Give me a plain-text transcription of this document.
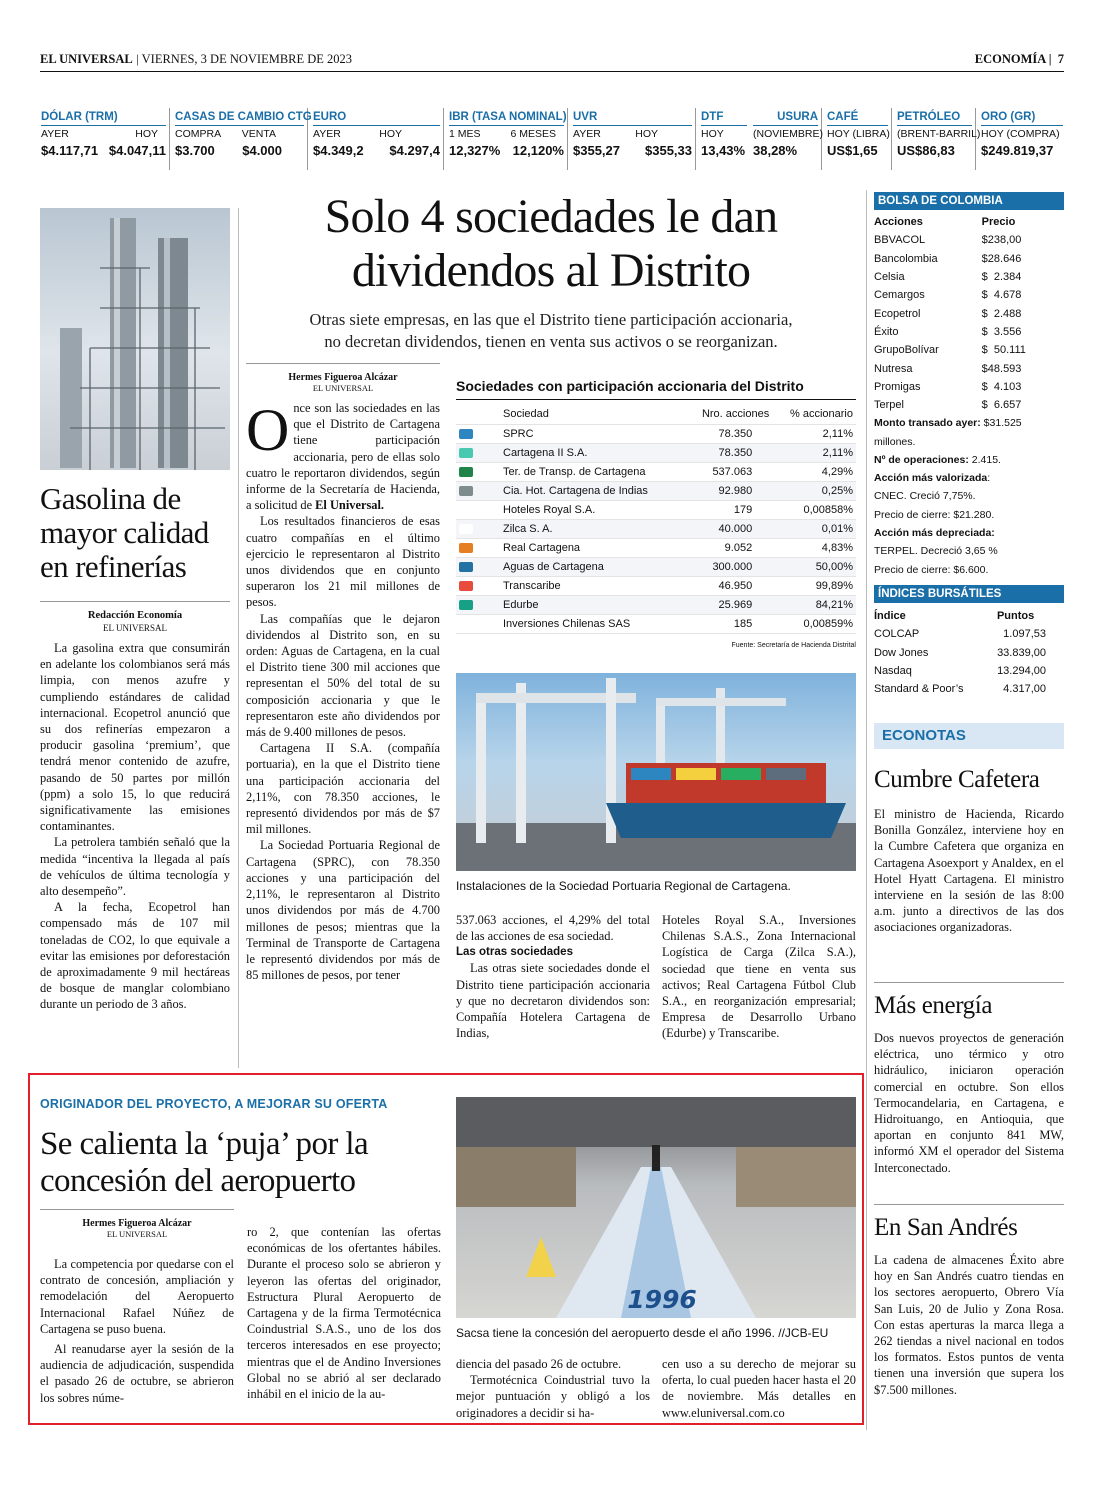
EL UNIVERSAL | VIERNES, 3 DE NOVIEMBRE DE 2023	ECONOMÍA |  7
DÓLAR (TRM)
AYER	HOY
$4.117,71 $4.047,11
CASAS DE CAMBIO CTG
COMPRA VENTA
$3.700 $4.000
EURO
AYER	HOY
$4.349,2 $4.297,4
IBR (TASA NOMINAL)
1 MES	6 MESES
12,327% 12,120%
UVR
AYER	HOY
$355,27 $355,33
DTF
HOY
13,43%
USURA
(NOVIEMBRE)
38,28%
CAFÉ
HOY (LIBRA)
US$1,65
PETRÓLEO
(BRENT-BARRIL)
US$86,83
ORO (GR)
HOY (COMPRA)
$249.819,37
Gasolina de
mayor calidad
en refinerías
Redacción Economía
EL UNIVERSAL

La gasolina extra que consumirán en adelante los colombianos será más limpia, con menos azufre y cumpliendo estándares de calidad internacional. Ecopetrol anunció que su dos refinerías empezaron a producir gasolina ‘premium’, que tendrá menor contenido de azufre, pasando de 50 partes por millón (ppm) a solo 15, lo que reducirá significativamente las emisiones contaminantes.

La petrolera también señaló que la medida “incentiva la llegada al país de vehículos de última tecnología y alto desempeño”.

A la fecha, Ecopetrol han compensado más de 107 mil toneladas de CO2, lo que equivale a evitar las emisiones por deforestación de aproximadamente 9 mil hectáreas de bosque de manglar colombiano durante un periodo de 3 años.

Solo 4 sociedades le dan
dividendos al Distrito
Otras siete empresas, en las que el Distrito tiene participación accionaria,
no decretan dividendos, tienen en venta sus activos o se reorganizan.
Hermes Figueroa Alcázar
EL UNIVERSAL
O nce son las sociedades en las que el Distrito de Cartagena tiene participación accionaria, pero de ellas solo cuatro le reportaron dividendos, según informe de la Secretaría de Hacienda, a solicitud de El Universal.

Los resultados financieros de esas cuatro compañías en el último ejercicio le representaron al Distrito unos dividendos que en conjunto superaron los 21 mil millones de pesos.

Las compañías que le dejaron dividendos al Distrito son, en su orden: Aguas de Cartagena, en la cual el Distrito tiene 300 mil acciones que representan el 50% del total de su composición accionaria y que le representaron este año dividendos por más de 9.400 millones de pesos.

Cartagena II S.A. (compañía portuaria), en la que el Distrito tiene una participación accionaria del 2,11%, con 78.350 acciones, le representó dividendos por más de $7 mil millones.

La Sociedad Portuaria Regional de Cartagena (SPRC), con 78.350 acciones y una participación del 2,11%, le representaron al Distrito unos dividendos por más de 4.700 millones de pesos; mientras que la Terminal de Transporte de Cartagena le representó dividendos por más de 85 millones de pesos, por tener

Sociedades con participación accionaria del Distrito
	Sociedad	Nro. acciones	% accionario
	SPRC	78.350	2,11%
	Cartagena II S.A.	78.350	2,11%
	Ter. de Transp. de Cartagena	537.063	4,29%
	Cia. Hot. Cartagena de Indias	92.980	0,25%
	Hoteles Royal S.A.	179	0,00858%
	Zilca S. A.	40.000	0,01%
	Real Cartagena	9.052	4,83%
	Aguas de Cartagena	300.000	50,00%
	Transcaribe	46.950	99,89%
	Edurbe	25.969	84,21%
	Inversiones Chilenas SAS	185	0,00859%
Fuente: Secretaría de Hacienda Distrital
Instalaciones de la Sociedad Portuaria Regional de Cartagena.

537.063 acciones, el 4,29% del total de las acciones de esa sociedad.

Las otras sociedades

Las otras siete sociedades donde el Distrito tiene participación accionaria y que no decretaron dividendos son: Compañía Hotelera Cartagena de Indias,

Hoteles Royal S.A., Inversiones Chilenas S.A.S., Zona Internacional Logística de Carga (Zilca S.A.), sociedad que tiene en venta sus activos; Real Cartagena Fútbol Club S.A., en reorganización empresarial; Empresa de Desarrollo Urbano (Edurbe) y Transcaribe.

BOLSA DE COLOMBIA
Acciones	Precio
BBVACOL	$238,00
Bancolombia	$28.646
Celsia	$  2.384
Cemargos	$  4.678
Ecopetrol	$  2.488
Éxito	$  3.556
GrupoBolívar	$  50.111
Nutresa	$48.593
Promigas	$  4.103
Terpel	$  6.657
Monto transado ayer: $31.525 millones.
Nº de operaciones: 2.415.
Acción más valorizada:
CNEC. Creció 7,75%.
Precio de cierre: $21.280.
Acción más depreciada:
TERPEL. Decreció 3,65 %
Precio de cierre: $6.600.
ÍNDICES BURSÁTILES
Índice	Puntos
COLCAP	1.097,53
Dow Jones	33.839,00
Nasdaq	13.294,00
Standard & Poor’s	4.317,00
ECONOTAS
Cumbre Cafetera

El ministro de Hacienda, Ricardo Bonilla González, interviene hoy en la Cumbre Cafetera que organiza en Cartagena Asoexport y Analdex, en el Hotel Hyatt Cartagena. El ministro interviene en la sesión de las 8:00 a.m. junto a directivos de las dos asociaciones organizadoras.

Más energía

Dos nuevos proyectos de generación eléctrica, uno térmico y otro hidráulico, iniciaron operación comercial en octubre. Son ellos Termocandelaria, en Cartagena, e Hidroituango, en Antioquia, que aportan en conjunto 841 MW, informó XM el operador del Sistema Interconectado.

En San Andrés

La cadena de almacenes Éxito abre hoy en San Andrés cuatro tiendas en los sectores aeropuerto, Obrero Vía San Luis, 20 de Julio y Zona Rosa. Con estas aperturas la marca llega a 262 tiendas a nivel nacional en todos los formatos. Estos puntos de venta tienen una inversión que supera los $7.500 millones.

ORIGINADOR DEL PROYECTO, A MEJORAR SU OFERTA
Se calienta la ‘puja’ por la
concesión del aeropuerto
Hermes Figueroa Alcázar
EL UNIVERSAL

La competencia por quedarse con el contrato de concesión, ampliación y remodelación del Aeropuerto Internacional Rafael Núñez de Cartagena se puso buena.

Al reanudarse ayer la sesión de la audiencia de adjudicación, suspendida el pasado 26 de octubre, se abrieron los sobres núme-

ro 2, que contenían las ofertas económicas de los ofertantes hábiles. Durante el proceso solo se abrieron y leyeron las ofertas del originador, Estructura Plural Aeropuerto de Cartagena y de la firma Termotécnica Coindustrial S.A.S., uno de los dos terceros interesados en ese proyecto; mientras que el de Andino Inversiones Global no se abrió al ser declarado inhábil en el inicio de la au-

1996
Sacsa tiene la concesión del aeropuerto desde el año 1996. //JCB-EU

diencia del pasado 26 de octubre.

Termotécnica Coindustrial tuvo la mejor puntuación y obligó a los originadores a decidir si ha-

cen uso a su derecho de mejorar su oferta, lo cual pueden hacer hasta el 20 de noviembre. Más detalles en www.eluniversal.com.co
